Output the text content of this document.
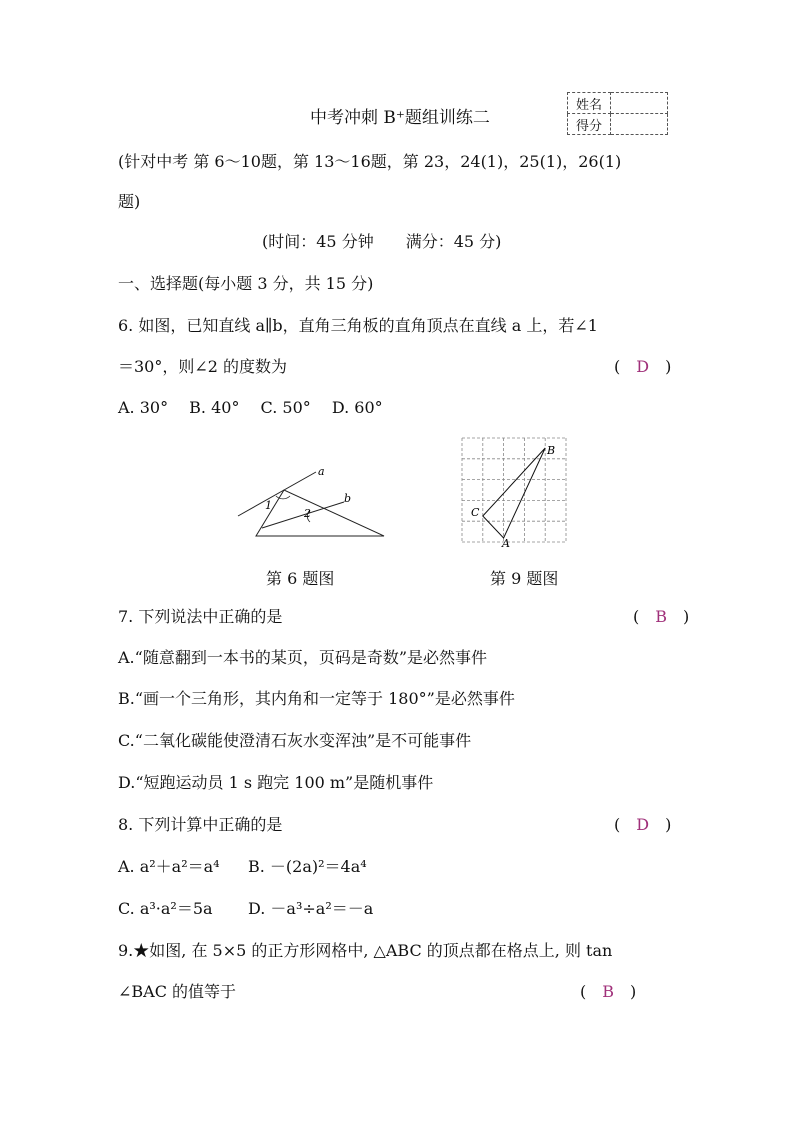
中考冲刺 B⁺题组训练二
姓名	
得分	
(针对中考 第 6～10题，第 13～16题，第 23，24(1)，25(1)，26(1)
题)
(时间：45 分钟　　满分：45 分)
一、选择题(每小题 3 分，共 15 分)
6. 如图，已知直线 a∥b，直角三角板的直角顶点在直线 a 上，若∠1
＝30°，则∠2 的度数为	(　D　)
A. 30°　 B. 40°　 C. 50°　 D. 60°
a
b
1
2
第 6 题图
B
C
A
第 9 题图
7. 下列说法中正确的是	(　B　)
A.“随意翻到一本书的某页，页码是奇数”是必然事件
B.“画一个三角形，其内角和一定等于 180°”是必然事件
C.“二氧化碳能使澄清石灰水变浑浊”是不可能事件
D.“短跑运动员 1 s 跑完 100 m”是随机事件
8. 下列计算中正确的是	(　D　)
A. a²＋a²＝a⁴ B. －(2a)²＝4a⁴
C. a³·a²＝5a D. －a³÷a²＝－a
9.★如图, 在 5×5 的正方形网格中, △ABC 的顶点都在格点上, 则 tan
∠BAC 的值等于	(　B　)
